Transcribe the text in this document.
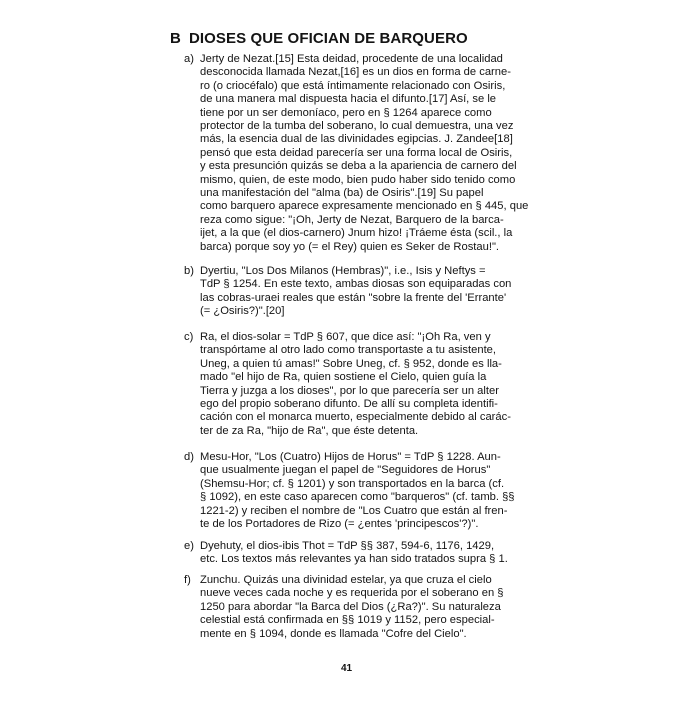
B DIOSES QUE OFICIAN DE BARQUERO
a) Jerty de Nezat.[15] Esta deidad, procedente de una localidad
desconocida llamada Nezat,[16] es un dios en forma de carne-
ro (o criocéfalo) que está íntimamente relacionado con Osiris,
de una manera mal dispuesta hacia el difunto.[17] Así, se le
tiene por un ser demoníaco, pero en § 1264 aparece como
protector de la tumba del soberano, lo cual demuestra, una vez
más, la esencia dual de las divinidades egipcias. J. Zandee[18]
pensó que esta deidad parecería ser una forma local de Osiris,
y esta presunción quizás se deba a la apariencia de carnero del
mismo, quien, de este modo, bien pudo haber sido tenido como
una manifestación del "alma (ba) de Osiris".[19] Su papel
como barquero aparece expresamente mencionado en § 445, que
reza como sigue: "¡Oh, Jerty de Nezat, Barquero de la barca-
ijet, a la que (el dios-carnero) Jnum hizo! ¡Tráeme ésta (scil., la
barca) porque soy yo (= el Rey) quien es Seker de Rostau!".
b) Dyertiu, "Los Dos Milanos (Hembras)", i.e., Isis y Neftys =
TdP § 1254. En este texto, ambas diosas son equiparadas con
las cobras-uraei reales que están "sobre la frente del 'Errante'
(= ¿Osiris?)".[20]
c) Ra, el dios-solar = TdP § 607, que dice así: "¡Oh Ra, ven y
transpórtame al otro lado como transportaste a tu asistente,
Uneg, a quien tú amas!" Sobre Uneg, cf. § 952, donde es lla-
mado "el hijo de Ra, quien sostiene el Cielo, quien guía la
Tierra y juzga a los dioses", por lo que parecería ser un alter
ego del propio soberano difunto. De allí su completa identifi-
cación con el monarca muerto, especialmente debido al carác-
ter de za Ra, "hijo de Ra", que éste detenta.
d) Mesu-Hor, "Los (Cuatro) Hijos de Horus" = TdP § 1228. Aun-
que usualmente juegan el papel de "Seguidores de Horus"
(Shemsu-Hor; cf. § 1201) y son transportados en la barca (cf.
§ 1092), en este caso aparecen como "barqueros" (cf. tamb. §§
1221-2) y reciben el nombre de "Los Cuatro que están al fren-
te de los Portadores de Rizo (= ¿entes 'principescos'?)".
e) Dyehuty, el dios-ibis Thot = TdP §§ 387, 594-6, 1176, 1429,
etc. Los textos más relevantes ya han sido tratados supra § 1.
f) Zunchu. Quizás una divinidad estelar, ya que cruza el cielo
nueve veces cada noche y es requerida por el soberano en §
1250 para abordar "la Barca del Dios (¿Ra?)". Su naturaleza
celestial está confirmada en §§ 1019 y 1152, pero especial-
mente en § 1094, donde es llamada "Cofre del Cielo".
41
